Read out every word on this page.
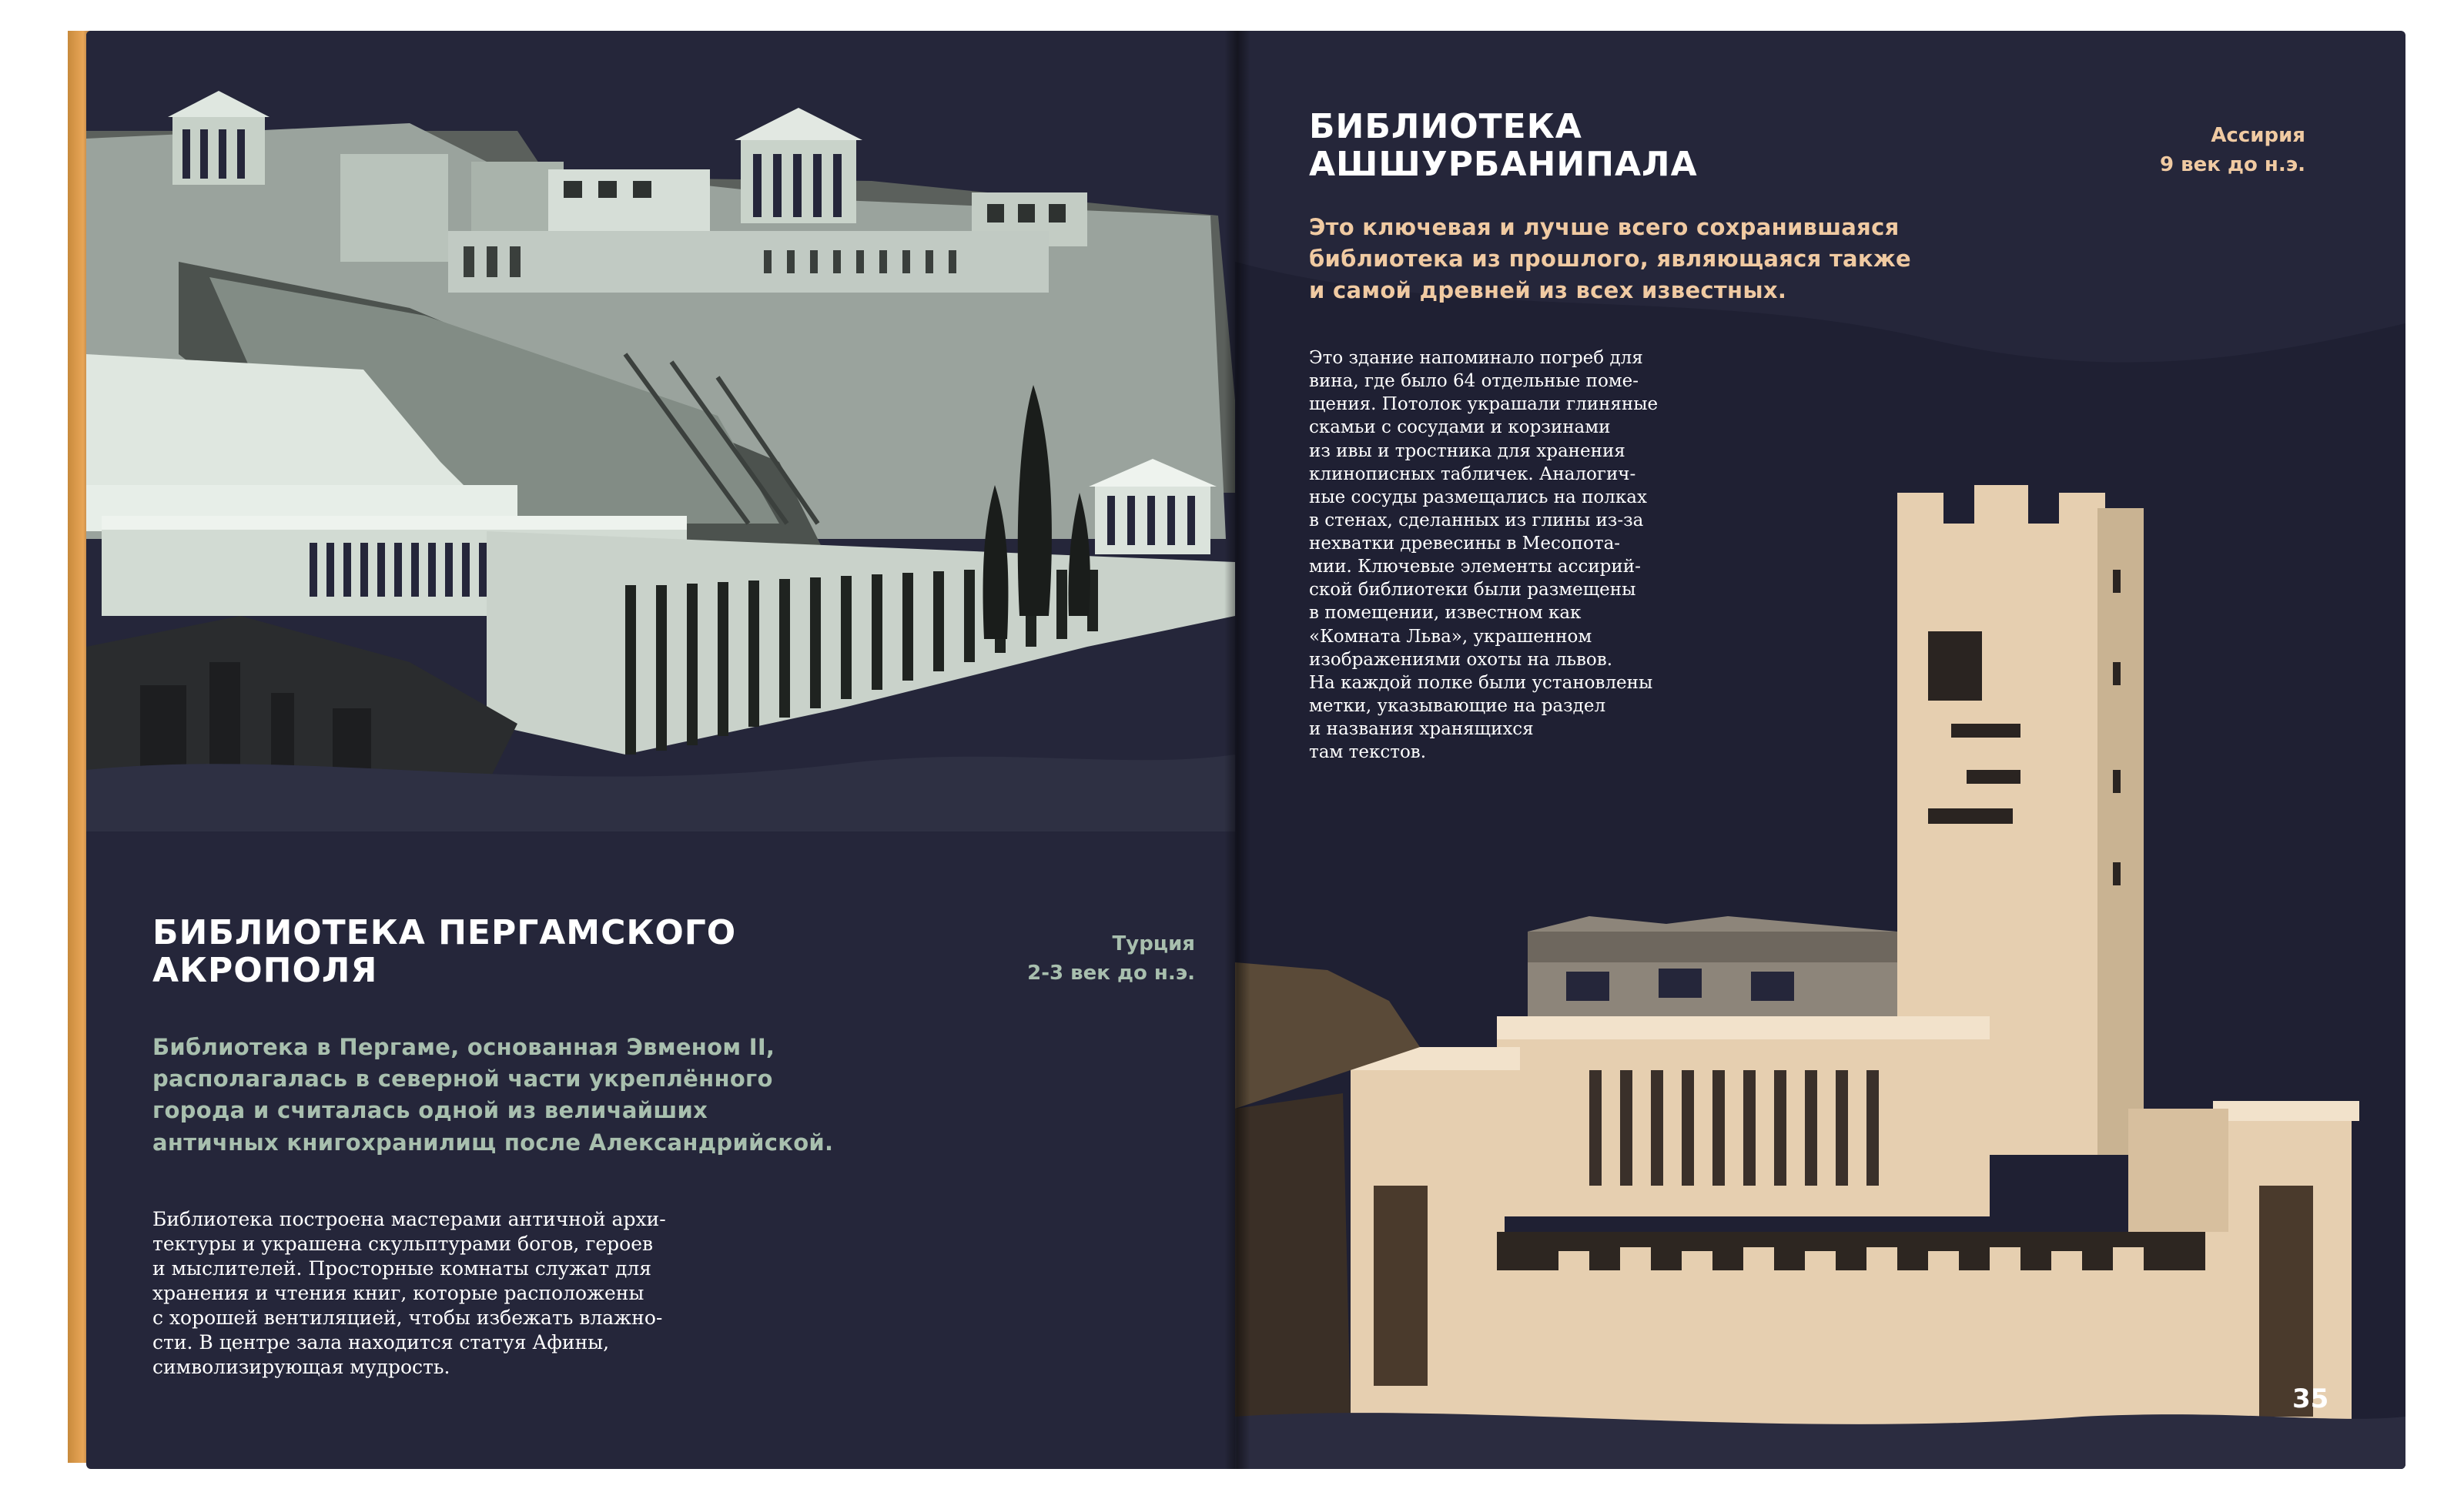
БИБЛИОТЕКА ПЕРГАМСКОГО
АКРОПОЛЯ
Турция
2-3 век до н.э.
Библиотека в Пергаме, основанная Эвменом II,
располагалась в северной части укреплённого
города и считалась одной из величайших
античных книгохранилищ после Александрийской.
Библиотека построена мастерами античной архи-
тектуры и украшена скульптурами богов, героев
и мыслителей. Просторные комнаты служат для
хранения и чтения книг, которые расположены
с хорошей вентиляцией, чтобы избежать влажно-
сти. В центре зала находится статуя Афины,
символизирующая мудрость.
БИБЛИОТЕКА
АШШУРБАНИПАЛА
Ассирия
9 век до н.э.
Это ключевая и лучше всего сохранившаяся
библиотека из прошлого, являющаяся также
и самой древней из всех известных.
Это здание напоминало погреб для
вина, где было 64 отдельные поме-
щения. Потолок украшали глиняные
скамьи с сосудами и корзинами
из ивы и тростника для хранения
клинописных табличек. Аналогич-
ные сосуды размещались на полках
в стенах, сделанных из глины из-за
нехватки древесины в Месопота-
мии. Ключевые элементы ассирий-
ской библиотеки были размещены
в помещении, известном как
«Комната Льва», украшенном
изображениями охоты на львов.
На каждой полке были установлены
метки, указывающие на раздел
и названия хранящихся
там текстов.
35
